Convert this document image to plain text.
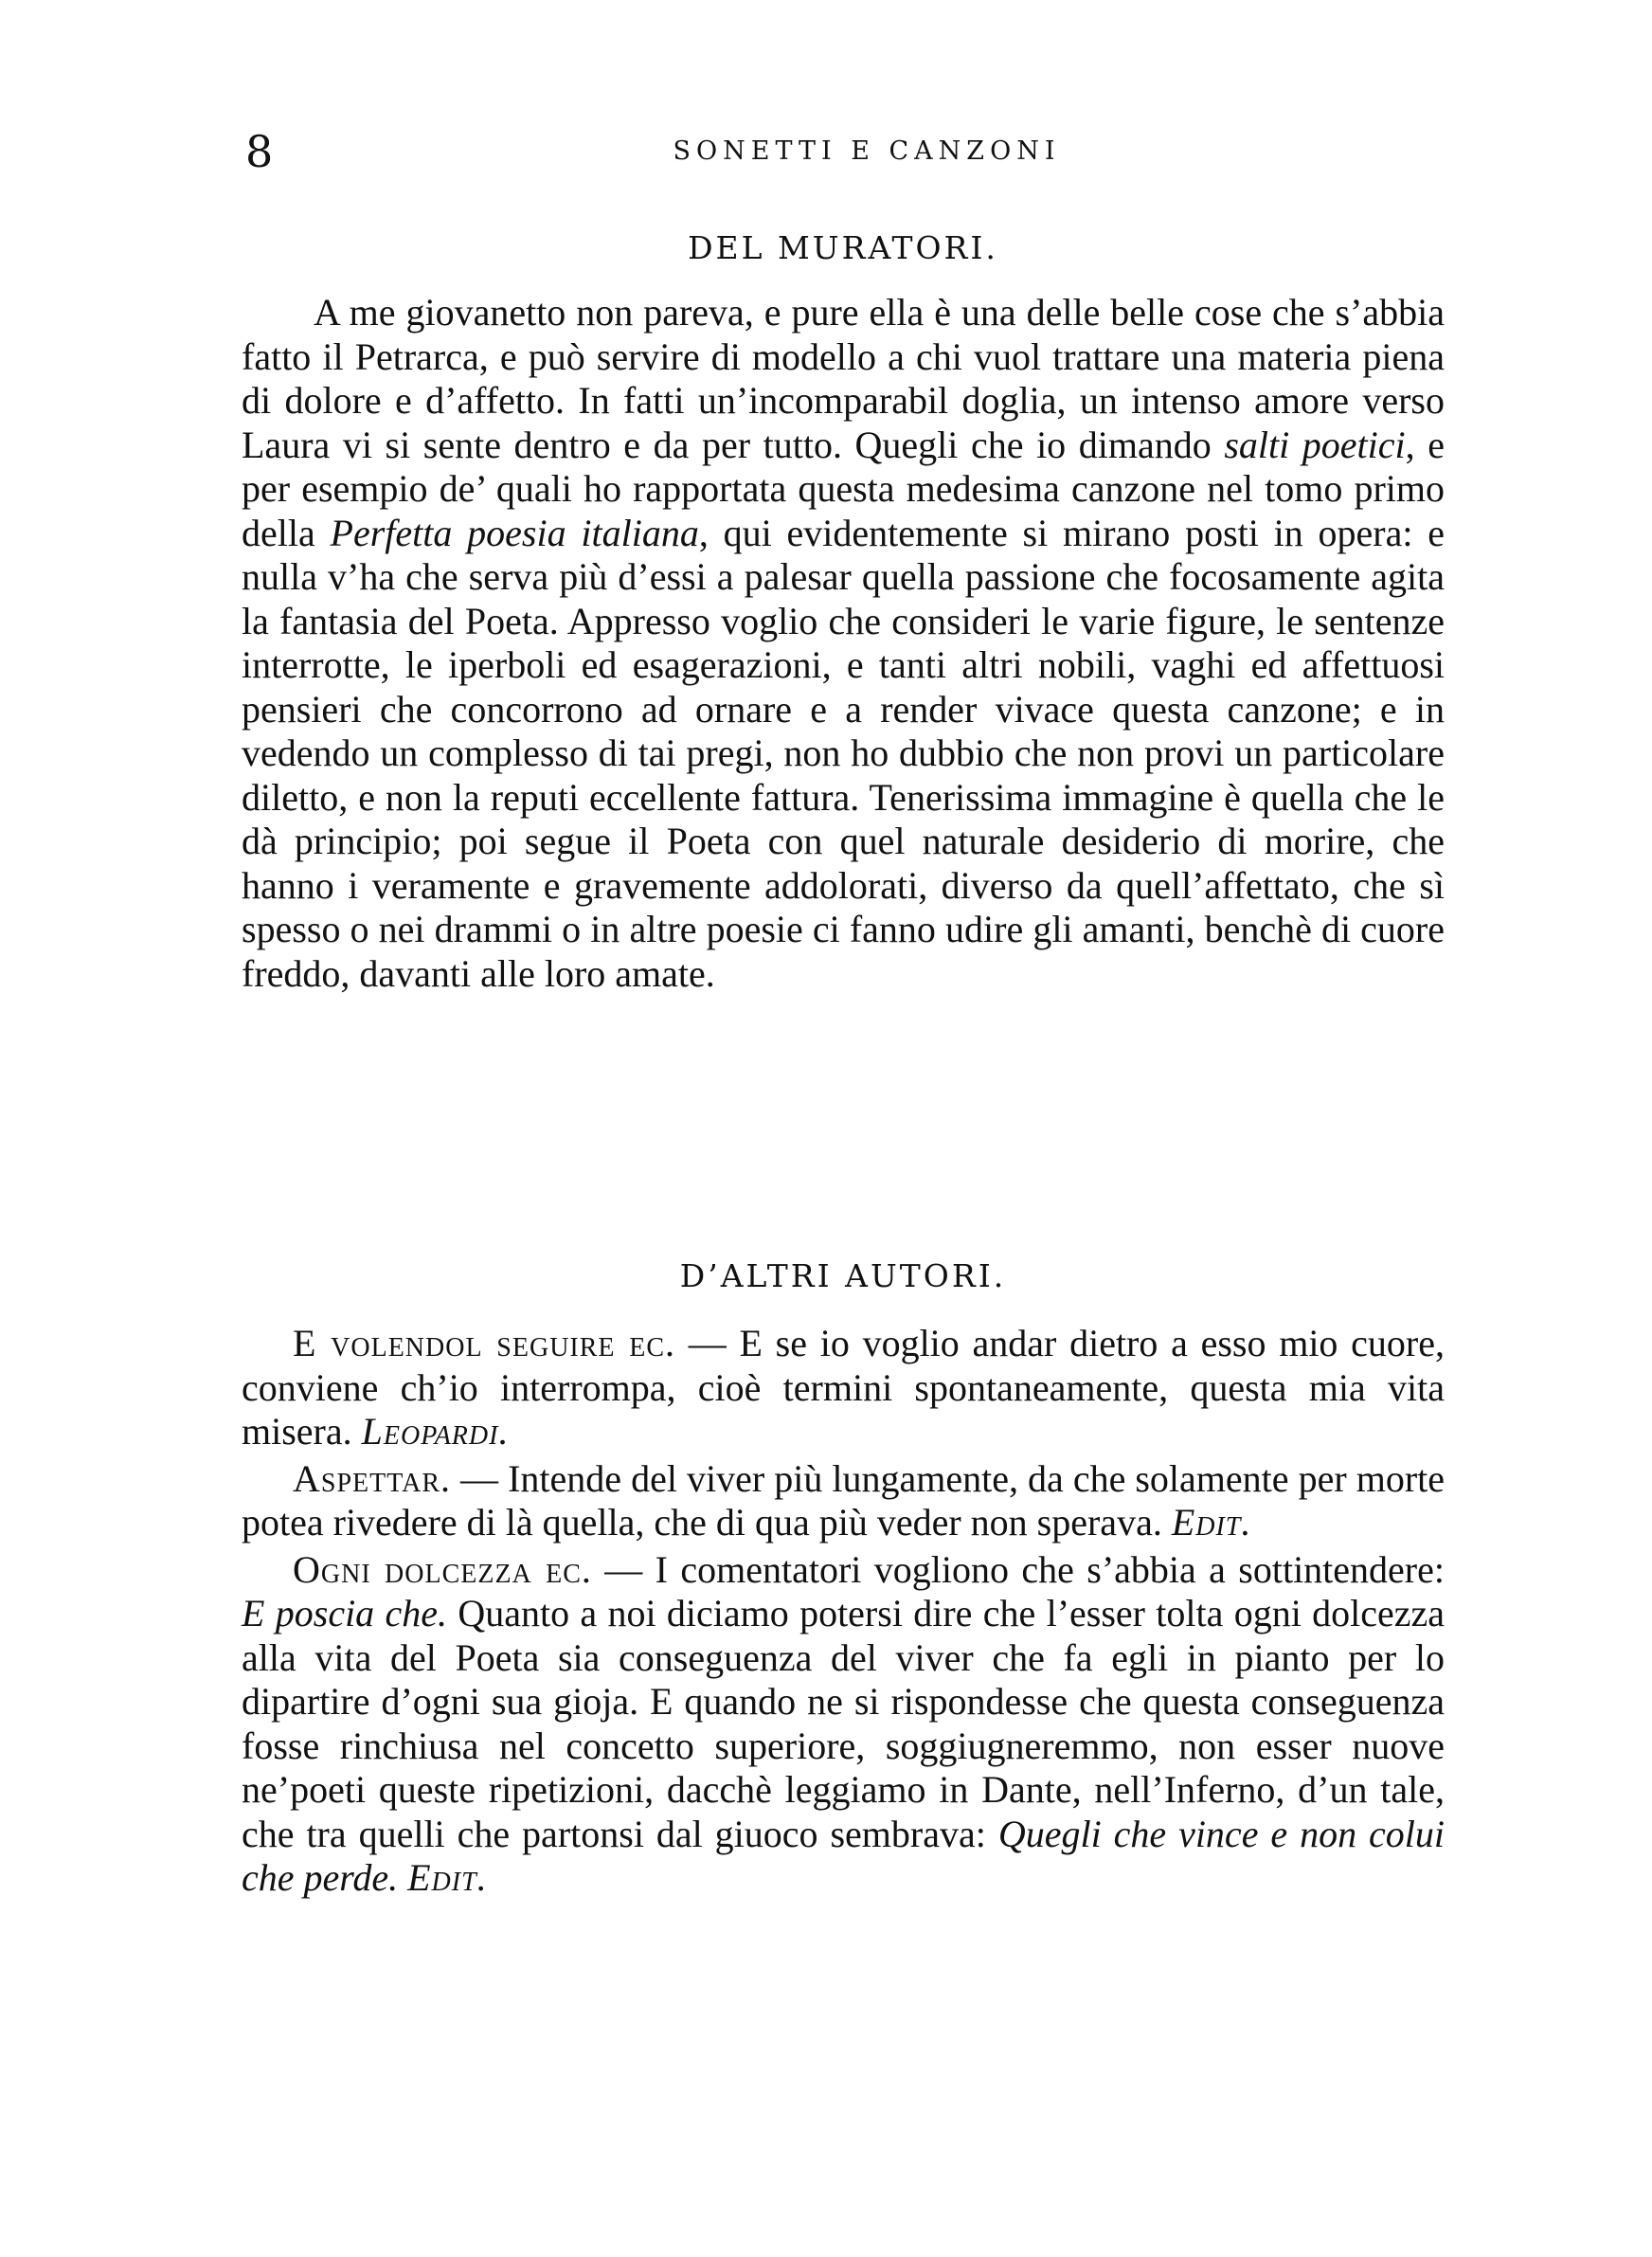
8	SONETTI E CANZONI
DEL MURATORI.

A me giovanetto non pareva, e pure ella è una delle belle cose che s’abbia fatto il Petrarca, e può servire di modello a chi vuol trattare una materia piena di dolore e d’affetto. In fatti un’incomparabil doglia, un intenso amore verso Laura vi si sente dentro e da per tutto. Quegli che io dimando salti poetici, e per esempio de’ quali ho rapportata questa medesima canzone nel tomo primo della Perfetta poesia italiana, qui evidentemente si mirano posti in opera: e nulla v’ha che serva più d’essi a palesar quella passione che focosamente agita la fantasia del Poeta. Appresso voglio che consideri le varie figure, le sentenze interrotte, le iperboli ed esagerazioni, e tanti altri nobili, vaghi ed affettuosi pensieri che concorrono ad ornare e a render vivace questa canzone; e in vedendo un complesso di tai pregi, non ho dubbio che non provi un particolare diletto, e non la reputi eccellente fattura. Tenerissima immagine è quella che le dà principio; poi segue il Poeta con quel naturale desiderio di morire, che hanno i veramente e gravemente addolorati, diverso da quell’affettato, che sì spesso o nei drammi o in altre poesie ci fanno udire gli amanti, benchè di cuore freddo, davanti alle loro amate.

D’ALTRI AUTORI.

E volendol seguire ec. — E se io voglio andar dietro a esso mio cuore, conviene ch’io interrompa, cioè termini spontaneamente, questa mia vita misera. Leopardi.

Aspettar. — Intende del viver più lungamente, da che solamente per morte potea rivedere di là quella, che di qua più veder non sperava. Edit.

Ogni dolcezza ec. — I comentatori vogliono che s’abbia a sottintendere: E poscia che. Quanto a noi diciamo potersi dire che l’esser tolta ogni dolcezza alla vita del Poeta sia conseguenza del viver che fa egli in pianto per lo dipartire d’ogni sua gioja. E quando ne si rispondesse che questa conseguenza fosse rinchiusa nel concetto superiore, soggiugneremmo, non esser nuove ne’poeti queste ripetizioni, dacchè leggiamo in Dante, nell’Inferno, d’un tale, che tra quelli che partonsi dal giuoco sembrava: Quegli che vince e non colui che perde. Edit.
